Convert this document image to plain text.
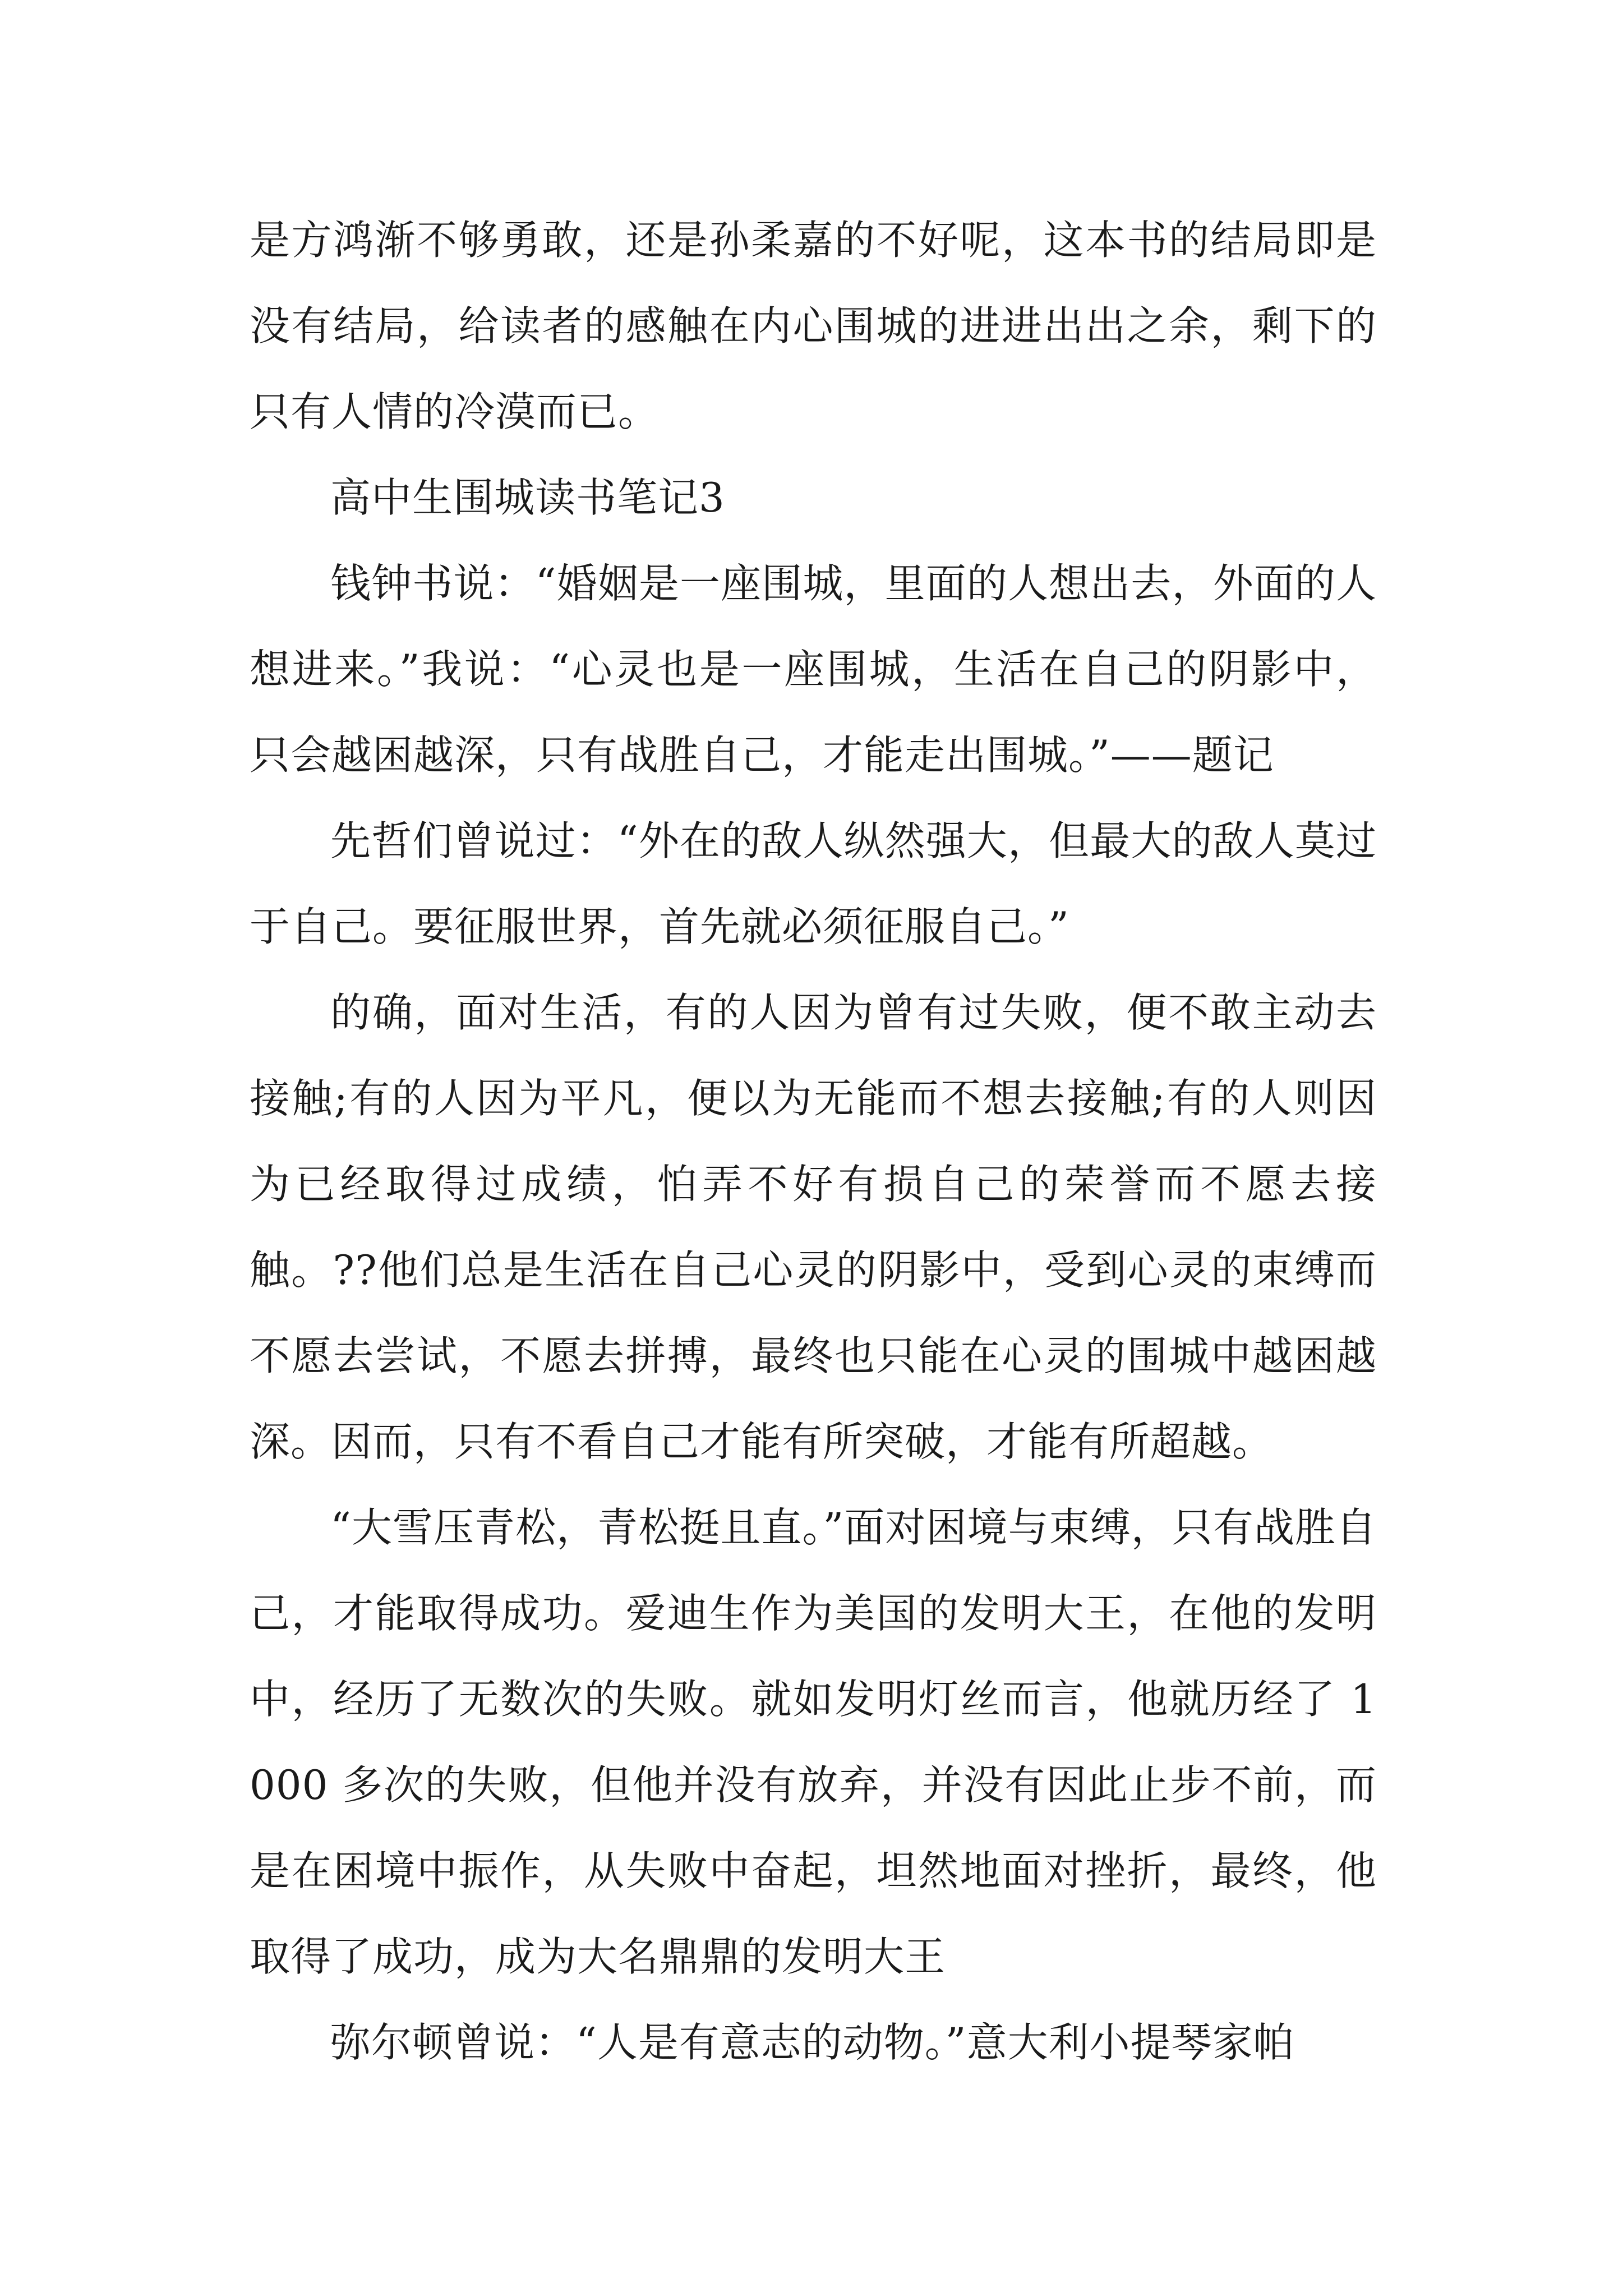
是方鸿渐不够勇敢，还是孙柔嘉的不好呢，这本书的结局即是没有结局，给读者的感触在内心围城的进进出出之余，剩下的只有人情的冷漠而已。

高中生围城读书笔记3

钱钟书说：“婚姻是一座围城，里面的人想出去，外面的人想进来。”我说：“心灵也是一座围城，生活在自己的阴影中，只会越困越深，只有战胜自己，才能走出围城。”——题记

先哲们曾说过：“外在的敌人纵然强大，但最大的敌人莫过于自己。要征服世界，首先就必须征服自己。”

的确，面对生活，有的人因为曾有过失败，便不敢主动去接触;有的人因为平凡，便以为无能而不想去接触;有的人则因为已经取得过成绩，怕弄不好有损自己的荣誉而不愿去接触。??他们总是生活在自己心灵的阴影中，受到心灵的束缚而不愿去尝试，不愿去拼搏，最终也只能在心灵的围城中越困越深。因而，只有不看自己才能有所突破，才能有所超越。

“大雪压青松，青松挺且直。”面对困境与束缚，只有战胜自己，才能取得成功。爱迪生作为美国的发明大王，在他的发明中，经历了无数次的失败。就如发明灯丝而言，他就历经了 1000 多次的失败，但他并没有放弃，并没有因此止步不前，而是在困境中振作，从失败中奋起，坦然地面对挫折，最终，他取得了成功，成为大名鼎鼎的发明大王

弥尔顿曾说：“人是有意志的动物。”意大利小提琴家帕
